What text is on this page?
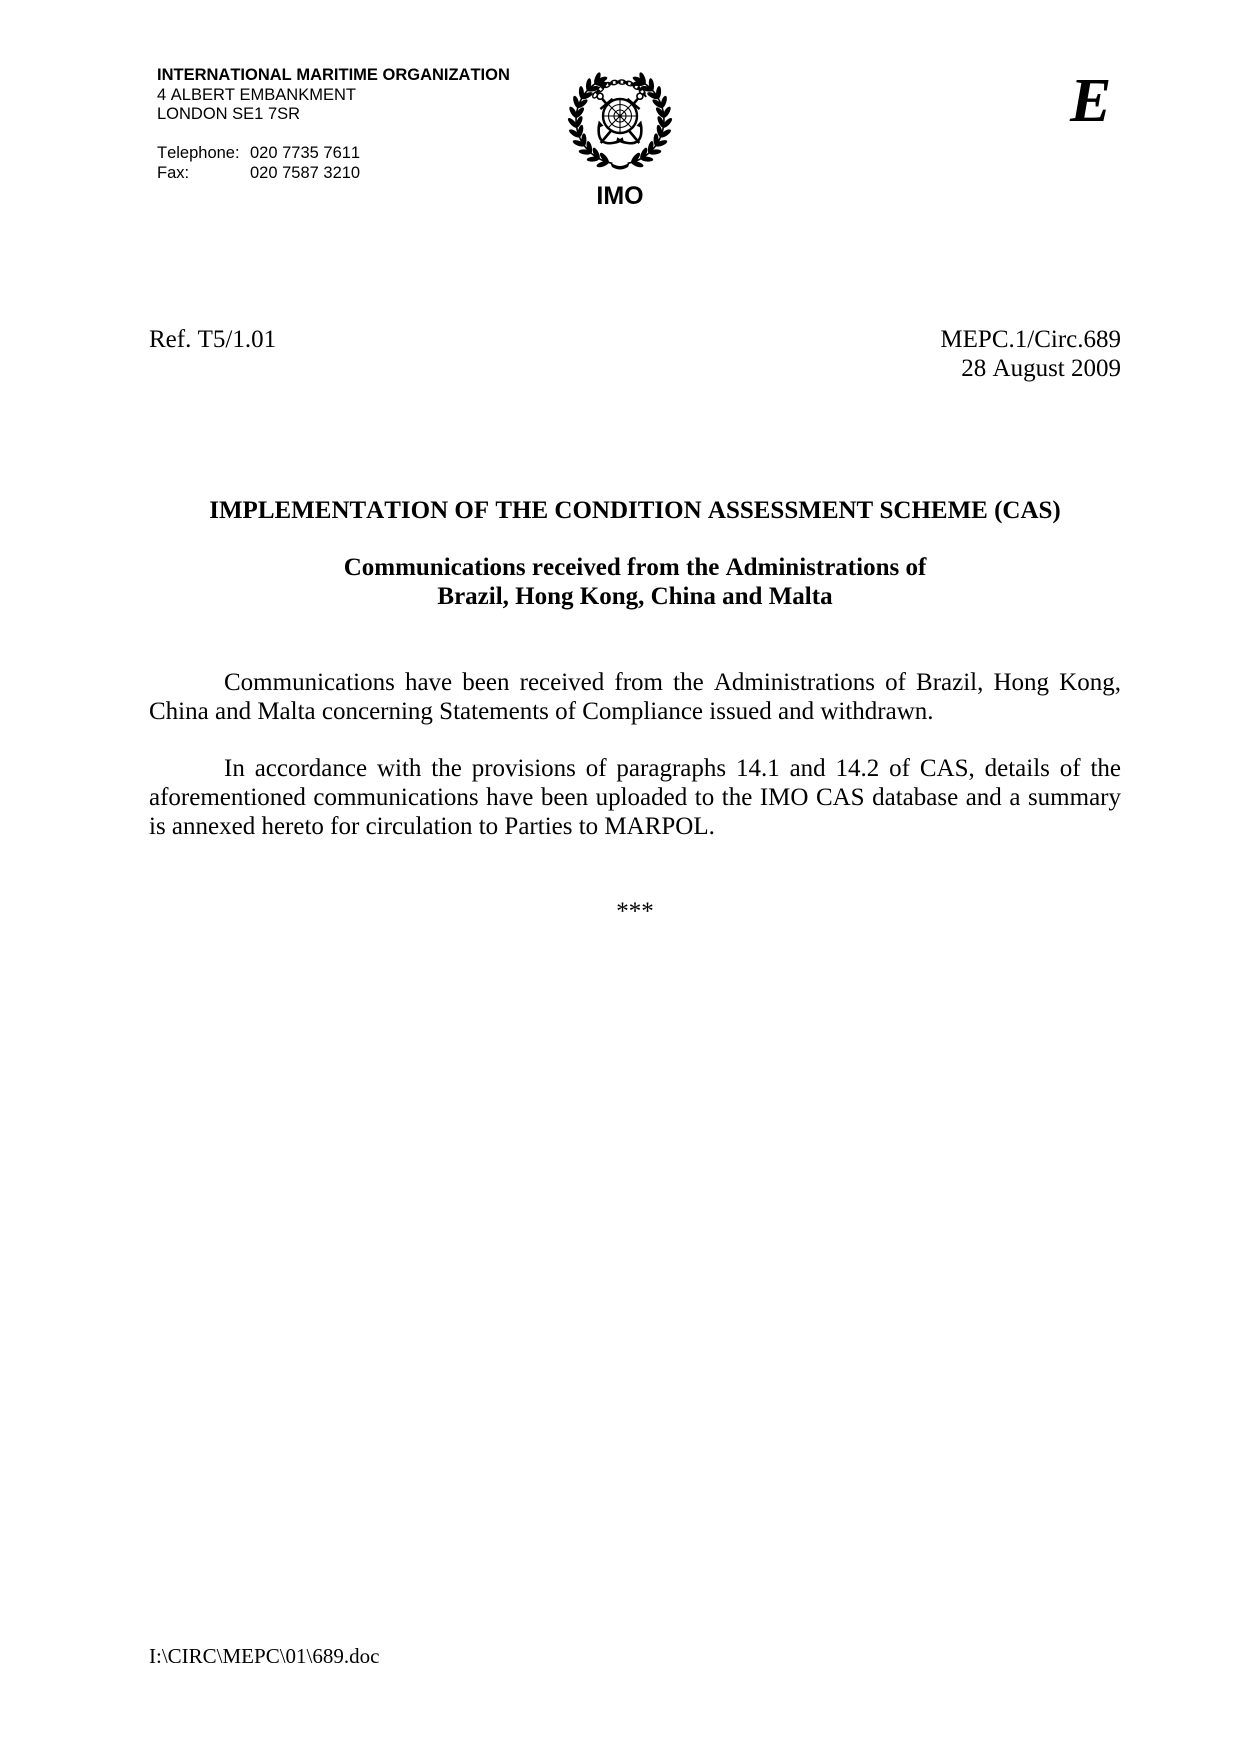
INTERNATIONAL MARITIME ORGANIZATION
4 ALBERT EMBANKMENT
LONDON SE1 7SR
Telephone: 020 7735 7611
Fax:	020 7587 3210
IMO
E
Ref. T5/1.01	MEPC.1/Circ.689
28 August 2009
IMPLEMENTATION OF THE CONDITION ASSESSMENT SCHEME (CAS)
Communications received from the Administrations of
Brazil, Hong Kong, China and Malta

Communications have been received from the Administrations of Brazil, Hong Kong, China and Malta concerning Statements of Compliance issued and withdrawn.

In accordance with the provisions of paragraphs 14.1 and 14.2 of CAS, details of the aforementioned communications have been uploaded to the IMO CAS database and a summary is annexed hereto for circulation to Parties to MARPOL.

***
I:\CIRC\MEPC\01\689.doc
